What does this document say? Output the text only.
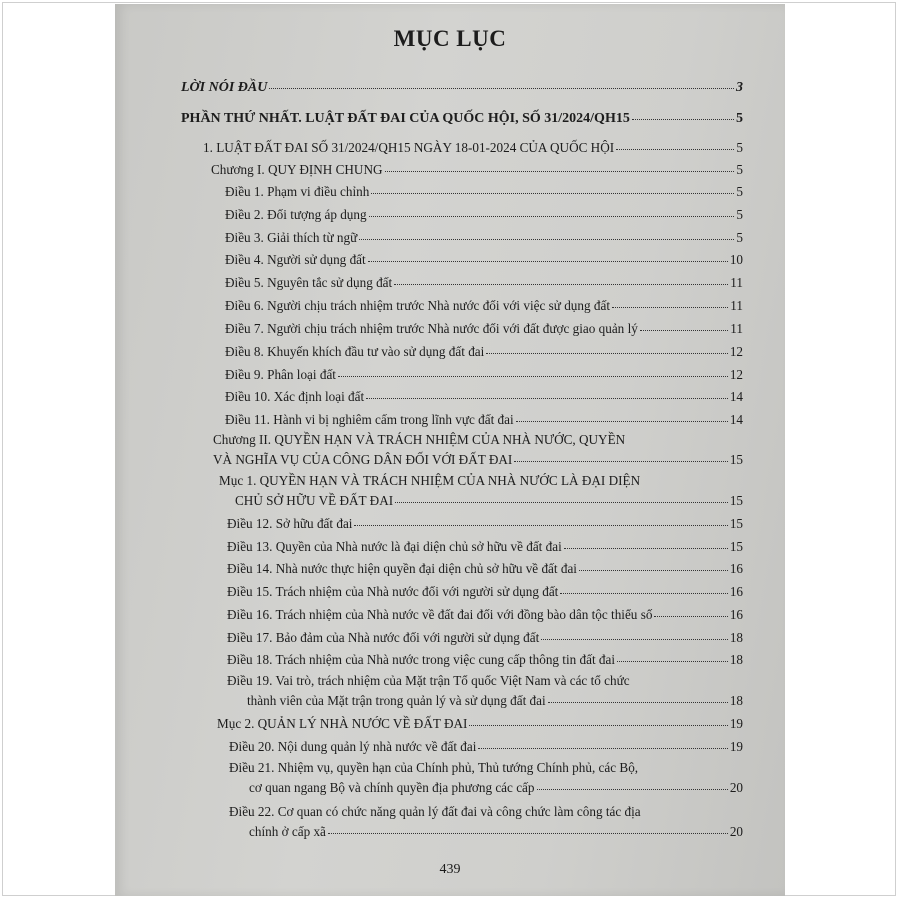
MỤC LỤC
LỜI NÓI ĐẦU	3
PHẦN THỨ NHẤT. LUẬT ĐẤT ĐAI CỦA QUỐC HỘI, SỐ 31/2024/QH15	5
1. LUẬT ĐẤT ĐAI SỐ 31/2024/QH15 NGÀY 18-01-2024 CỦA QUỐC HỘI	5
Chương I. QUY ĐỊNH CHUNG	5
Điều 1. Phạm vi điều chỉnh	5
Điều 2. Đối tượng áp dụng	5
Điều 3. Giải thích từ ngữ	5
Điều 4. Người sử dụng đất	10
Điều 5. Nguyên tắc sử dụng đất	11
Điều 6. Người chịu trách nhiệm trước Nhà nước đối với việc sử dụng đất	11
Điều 7. Người chịu trách nhiệm trước Nhà nước đối với đất được giao quản lý	11
Điều 8. Khuyến khích đầu tư vào sử dụng đất đai	12
Điều 9. Phân loại đất	12
Điều 10. Xác định loại đất	14
Điều 11. Hành vi bị nghiêm cấm trong lĩnh vực đất đai	14
Chương II. QUYỀN HẠN VÀ TRÁCH NHIỆM CỦA NHÀ NƯỚC, QUYỀN
VÀ NGHĨA VỤ CỦA CÔNG DÂN ĐỐI VỚI ĐẤT ĐAI	15
Mục 1. QUYỀN HẠN VÀ TRÁCH NHIỆM CỦA NHÀ NƯỚC LÀ ĐẠI DIỆN
CHỦ SỞ HỮU VỀ ĐẤT ĐAI	15
Điều 12. Sở hữu đất đai	15
Điều 13. Quyền của Nhà nước là đại diện chủ sở hữu về đất đai	15
Điều 14. Nhà nước thực hiện quyền đại diện chủ sở hữu về đất đai	16
Điều 15. Trách nhiệm của Nhà nước đối với người sử dụng đất	16
Điều 16. Trách nhiệm của Nhà nước về đất đai đối với đồng bào dân tộc thiểu số	16
Điều 17. Bảo đảm của Nhà nước đối với người sử dụng đất	18
Điều 18. Trách nhiệm của Nhà nước trong việc cung cấp thông tin đất đai	18
Điều 19. Vai trò, trách nhiệm của Mặt trận Tổ quốc Việt Nam và các tổ chức
thành viên của Mặt trận trong quản lý và sử dụng đất đai	18
Mục 2. QUẢN LÝ NHÀ NƯỚC VỀ ĐẤT ĐAI	19
Điều 20. Nội dung quản lý nhà nước về đất đai	19
Điều 21. Nhiệm vụ, quyền hạn của Chính phủ, Thủ tướng Chính phủ, các Bộ,
cơ quan ngang Bộ và chính quyền địa phương các cấp	20
Điều 22. Cơ quan có chức năng quản lý đất đai và công chức làm công tác địa
chính ở cấp xã	20
439
